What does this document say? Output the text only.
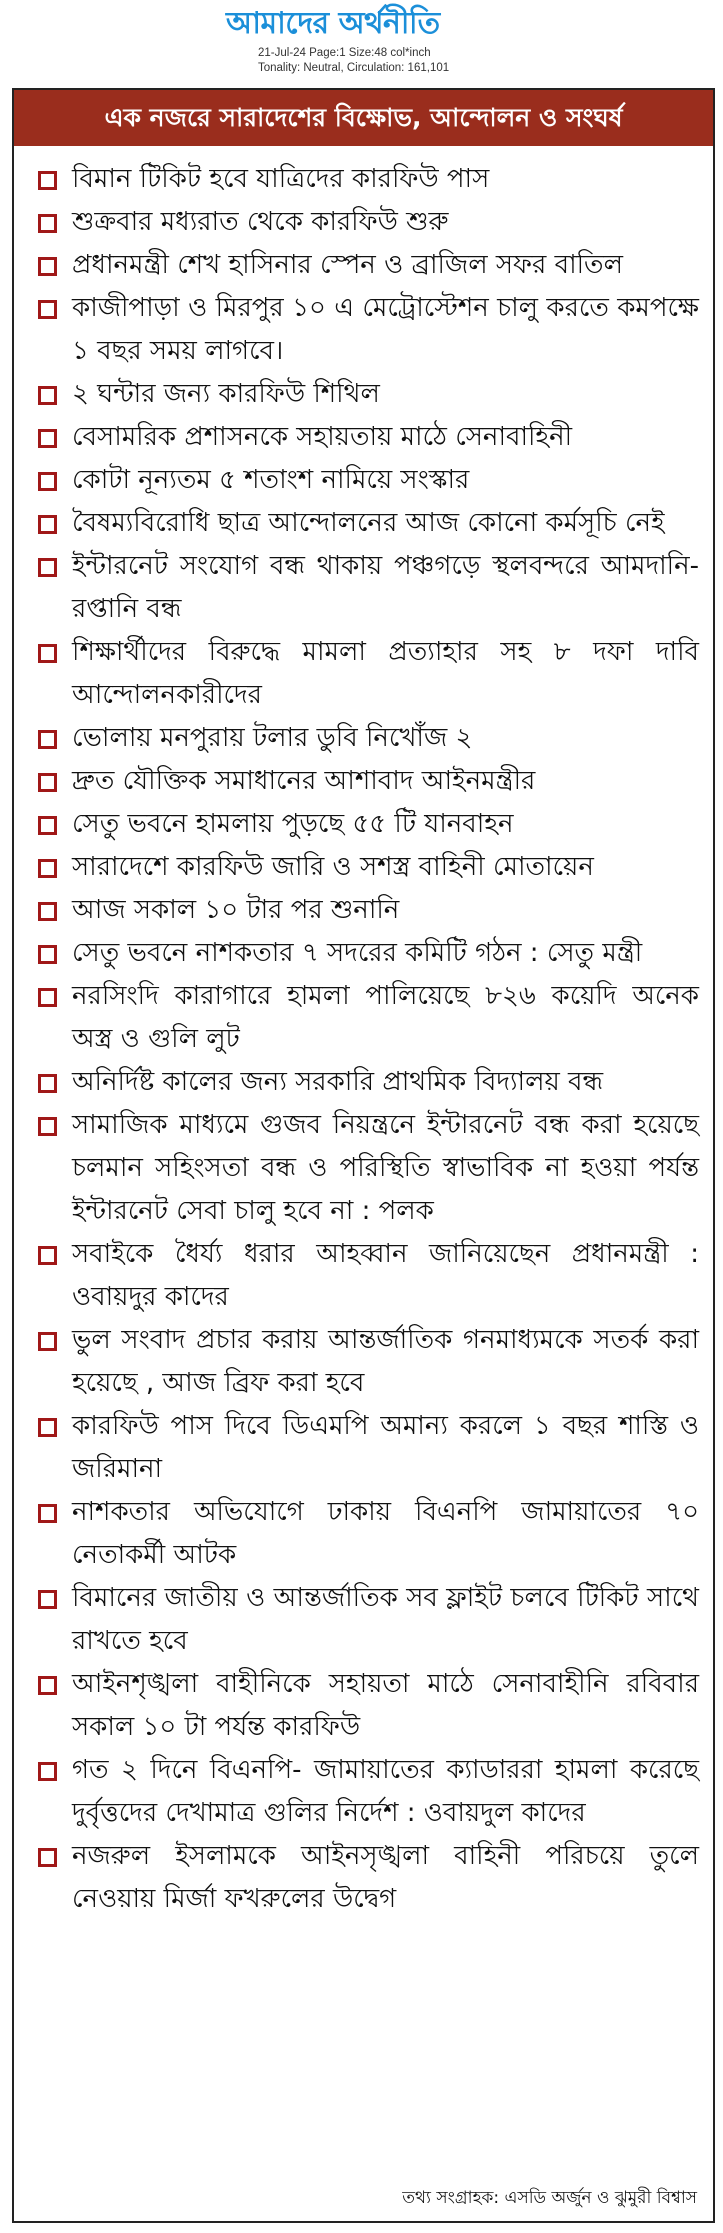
আমাদের অর্থনীতি
21-Jul-24 Page:1 Size:48 col*inch
Tonality: Neutral, Circulation: 161,101
এক নজরে সারাদেশের বিক্ষোভ, আন্দোলন ও সংঘর্ষ
বিমান টিকিট হবে যাত্রিদের কারফিউ পাস
শুক্রবার মধ্যরাত থেকে কারফিউ শুরু
প্রধানমন্ত্রী শেখ হাসিনার স্পেন ও ব্রাজিল সফর বাতিল
কাজীপাড়া ও মিরপুর ১০ এ মেট্রোস্টেশন চালু করতে কমপক্ষে ১ বছর সময় লাগবে।
২ ঘন্টার জন্য কারফিউ শিথিল
বেসামরিক প্রশাসনকে সহায়তায় মাঠে সেনাবাহিনী
কোটা নূন্যতম ৫ শতাংশ নামিয়ে সংস্কার
বৈষম্যবিরোধি ছাত্র আন্দোলনের আজ কোনো কর্মসূচি নেই
ইন্টারনেট সংযোগ বন্ধ থাকায় পঞ্চগড়ে স্থলবন্দরে আমদানি-রপ্তানি বন্ধ
শিক্ষার্থীদের বিরুদ্ধে মামলা প্রত্যাহার সহ ৮ দফা দাবি আন্দোলনকারীদের
ভোলায় মনপুরায় টলার ডুবি নিখোঁজ ২
দ্রুত যৌক্তিক সমাধানের আশাবাদ আইনমন্ত্রীর
সেতু ভবনে হামলায় পুড়ছে ৫৫ টি যানবাহন
সারাদেশে কারফিউ জারি ও সশস্ত্র বাহিনী মোতায়েন
আজ সকাল ১০ টার পর শুনানি
সেতু ভবনে নাশকতার ৭ সদরের কমিটি গঠন : সেতু মন্ত্রী
নরসিংদি কারাগারে হামলা পালিয়েছে ৮২৬ কয়েদি অনেক অস্ত্র ও গুলি লুট
অনির্দিষ্ট কালের জন্য সরকারি প্রাথমিক বিদ্যালয় বন্ধ
সামাজিক মাধ্যমে গুজব নিয়ন্ত্রনে ইন্টারনেট বন্ধ করা হয়েছে চলমান সহিংসতা বন্ধ ও পরিস্থিতি স্বাভাবিক না হওয়া পর্যন্ত ইন্টারনেট সেবা চালু হবে না : পলক
সবাইকে ধৈর্য্য ধরার আহব্বান জানিয়েছেন প্রধানমন্ত্রী : ওবায়দুর কাদের
ভুল সংবাদ প্রচার করায় আন্তর্জাতিক গনমাধ্যমকে সতর্ক করা হয়েছে , আজ ব্রিফ করা হবে
কারফিউ পাস দিবে ডিএমপি অমান্য করলে ১ বছর শাস্তি ও জরিমানা
নাশকতার অভিযোগে ঢাকায় বিএনপি জামায়াতের ৭০ নেতাকর্মী আটক
বিমানের জাতীয় ও আন্তর্জাতিক সব ফ্লাইট চলবে টিকিট সাথে রাখতে হবে
আইনশৃঙ্খলা বাহীনিকে সহায়তা মাঠে সেনাবাহীনি রবিবার সকাল ১০ টা পর্যন্ত কারফিউ
গত ২ দিনে বিএনপি- জামায়াতের ক্যাডাররা হামলা করেছে দুর্বৃত্তদের দেখামাত্র গুলির নির্দেশ : ওবায়দুল কাদের
নজরুল ইসলামকে আইনসৃঙ্খলা বাহিনী পরিচয়ে তুলে নেওয়ায় মির্জা ফখরুলের উদ্বেগ
তথ্য সংগ্রাহক: এসডি অর্জুন ও ঝুমুরী বিশ্বাস
